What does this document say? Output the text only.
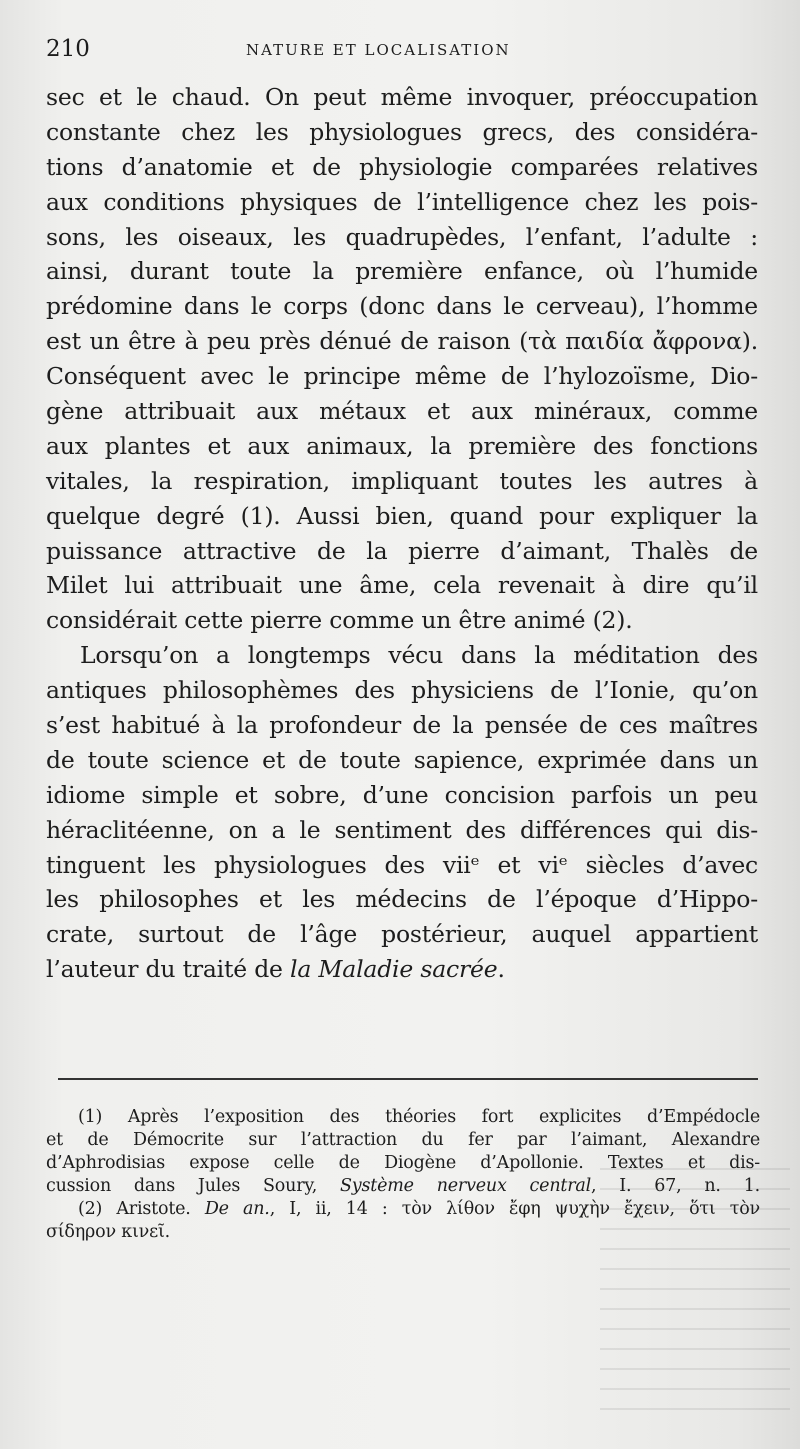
210	NATURE ET LOCALISATION
sec et le chaud. On peut même invoquer, préoccupation
constante chez les physiologues grecs, des considéra-
tions d’anatomie et de physiologie comparées relatives
aux conditions physiques de l’intelligence chez les pois-
sons, les oiseaux, les quadrupèdes, l’enfant, l’adulte :
ainsi, durant toute la première enfance, où l’humide
prédomine dans le corps (donc dans le cerveau), l’homme
est un être à peu près dénué de raison (τὰ παιδία ἄφρονα).
Conséquent avec le principe même de l’hylozoïsme, Dio-
gène attribuait aux métaux et aux minéraux, comme
aux plantes et aux animaux, la première des fonctions
vitales, la respiration, impliquant toutes les autres à
quelque degré (1). Aussi bien, quand pour expliquer la
puissance attractive de la pierre d’aimant, Thalès de
Milet lui attribuait une âme, cela revenait à dire qu’il
considérait cette pierre comme un être animé (2).
Lorsqu’on a longtemps vécu dans la méditation des
antiques philosophèmes des physiciens de l’Ionie, qu’on
s’est habitué à la profondeur de la pensée de ces maîtres
de toute science et de toute sapience, exprimée dans un
idiome simple et sobre, d’une concision parfois un peu
héraclitéenne, on a le sentiment des différences qui dis-
tinguent les physiologues des viiᵉ et viᵉ siècles d’avec
les philosophes et les médecins de l’époque d’Hippo-
crate, surtout de l’âge postérieur, auquel appartient
l’auteur du traité de la Maladie sacrée.
(1) Après l’exposition des théories fort explicites d’Empédocle
et de Démocrite sur l’attraction du fer par l’aimant, Alexandre
d’Aphrodisias expose celle de Diogène d’Apollonie. Textes et dis-
cussion dans Jules Soury, Système nerveux central, I. 67, n. 1.
(2) Aristote. De an., I, ii, 14 : τὸν λίθον ἔφη ψυχὴν ἔχειν, ὅτι τὸν
σίδηρον κινεῖ.
